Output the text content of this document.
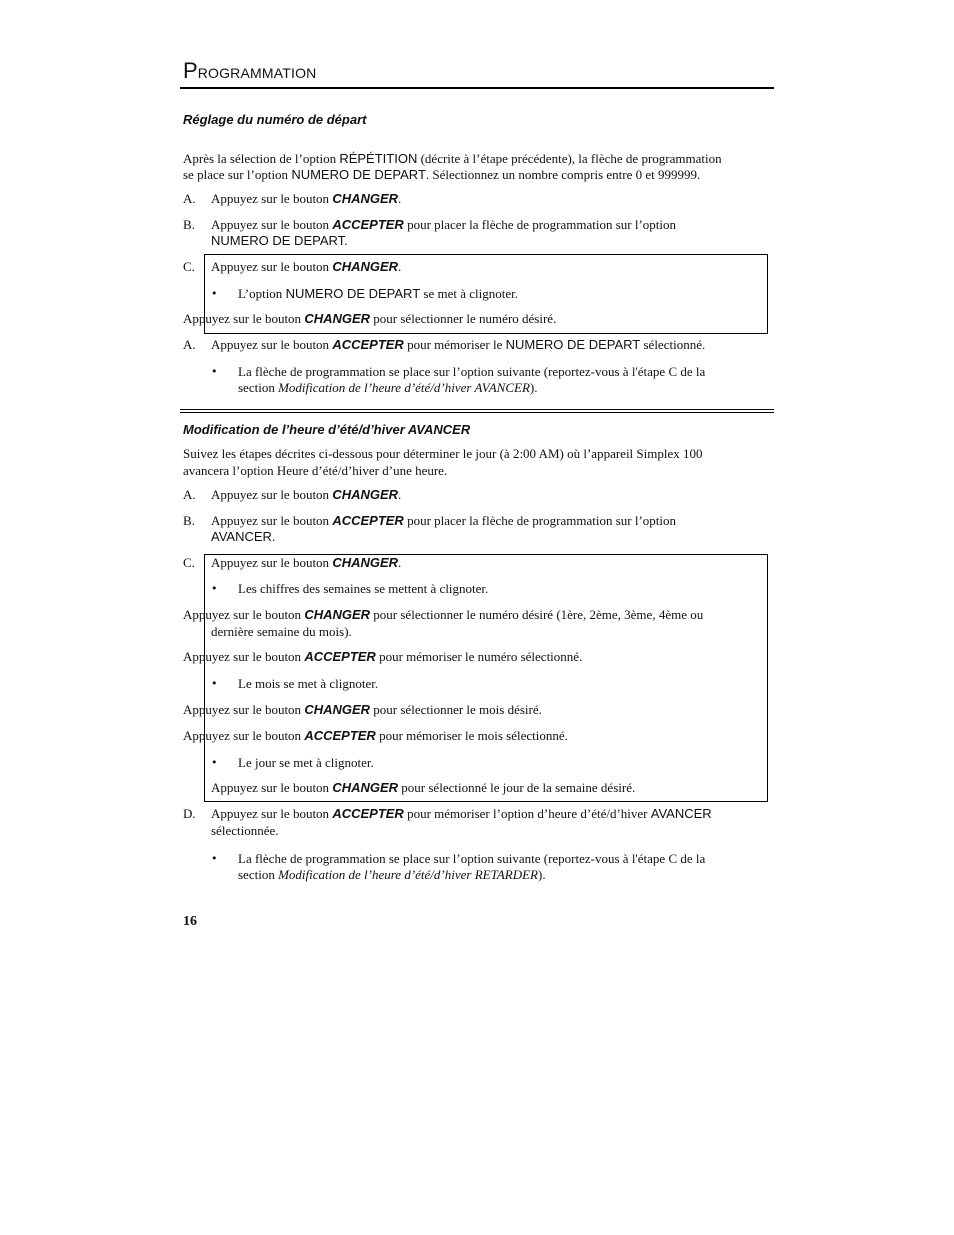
PROGRAMMATION
Réglage du numéro de départ
Après la sélection de l’option RÉPÉTITION (décrite à l’étape précédente), la flèche de programmation
se place sur l’option NUMERO DE DEPART. Sélectionnez un nombre compris entre 0 et 999999.
A. Appuyez sur le bouton CHANGER.
B. Appuyez sur le bouton ACCEPTER pour placer la flèche de programmation sur l’option
NUMERO DE DEPART.
C. Appuyez sur le bouton CHANGER.
• L’option NUMERO DE DEPART se met à clignoter.
Appuyez sur le bouton CHANGER pour sélectionner le numéro désiré.
A. Appuyez sur le bouton ACCEPTER pour mémoriser le NUMERO DE DEPART sélectionné.
• La flèche de programmation se place sur l’option suivante (reportez-vous à l'étape C de la
section Modification de l’heure d’été/d’hiver AVANCER).
Modification de l’heure d’été/d’hiver AVANCER
Suivez les étapes décrites ci-dessous pour déterminer le jour (à 2:00 AM) où l’appareil Simplex 100
avancera l’option Heure d’été/d’hiver d’une heure.
A. Appuyez sur le bouton CHANGER.
B. Appuyez sur le bouton ACCEPTER pour placer la flèche de programmation sur l’option
AVANCER.
C. Appuyez sur le bouton CHANGER.
• Les chiffres des semaines se mettent à clignoter.
Appuyez sur le bouton CHANGER pour sélectionner le numéro désiré (1ère, 2ème, 3ème, 4ème ou
dernière semaine du mois).
Appuyez sur le bouton ACCEPTER pour mémoriser le numéro sélectionné.
• Le mois se met à clignoter.
Appuyez sur le bouton CHANGER pour sélectionner le mois désiré.
Appuyez sur le bouton ACCEPTER pour mémoriser le mois sélectionné.
• Le jour se met à clignoter.
Appuyez sur le bouton CHANGER pour sélectionné le jour de la semaine désiré.
D. Appuyez sur le bouton ACCEPTER pour mémoriser l’option d’heure d’été/d’hiver AVANCER
sélectionnée.
• La flèche de programmation se place sur l’option suivante (reportez-vous à l'étape C de la
section Modification de l’heure d’été/d’hiver RETARDER).
16
